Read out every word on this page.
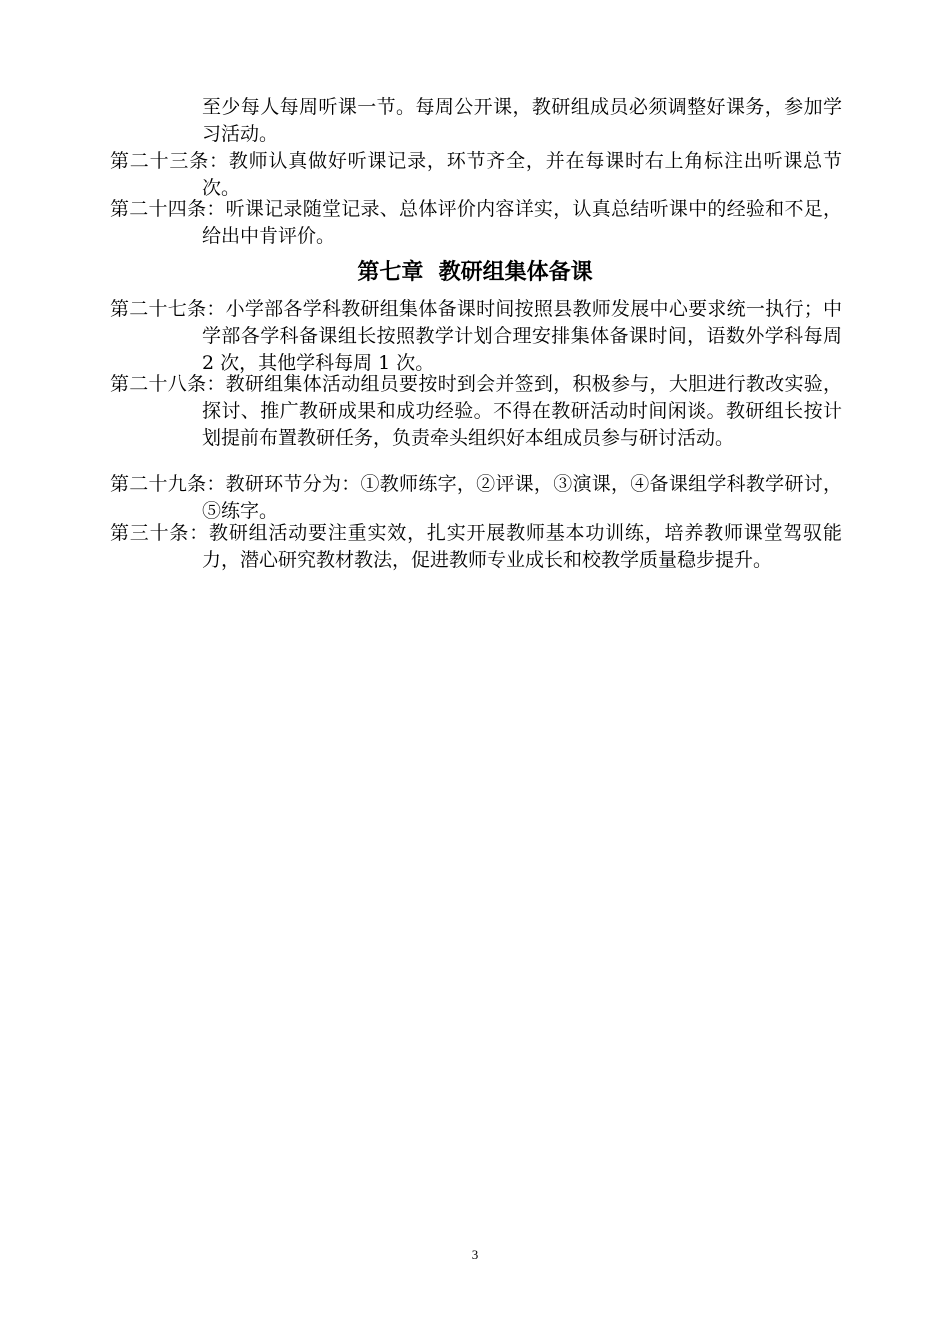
至少每人每周听课一节。每周公开课，教研组成员必须调整好课务，参加学习活动。
第二十三条：教师认真做好听课记录，环节齐全，并在每课时右上角标注出听课总节次。
第二十四条：听课记录随堂记录、总体评价内容详实，认真总结听课中的经验和不足，给出中肯评价。
第七章  教研组集体备课
第二十七条：小学部各学科教研组集体备课时间按照县教师发展中心要求统一执行；中学部各学科备课组长按照教学计划合理安排集体备课时间，语数外学科每周 2 次，其他学科每周 1 次。
第二十八条：教研组集体活动组员要按时到会并签到，积极参与，大胆进行教改实验，探讨、推广教研成果和成功经验。不得在教研活动时间闲谈。教研组长按计划提前布置教研任务，负责牵头组织好本组成员参与研讨活动。
第二十九条：教研环节分为：①教师练字，②评课，③演课，④备课组学科教学研讨，⑤练字。
第三十条：教研组活动要注重实效，扎实开展教师基本功训练，培养教师课堂驾驭能力，潜心研究教材教法，促进教师专业成长和校教学质量稳步提升。
3
